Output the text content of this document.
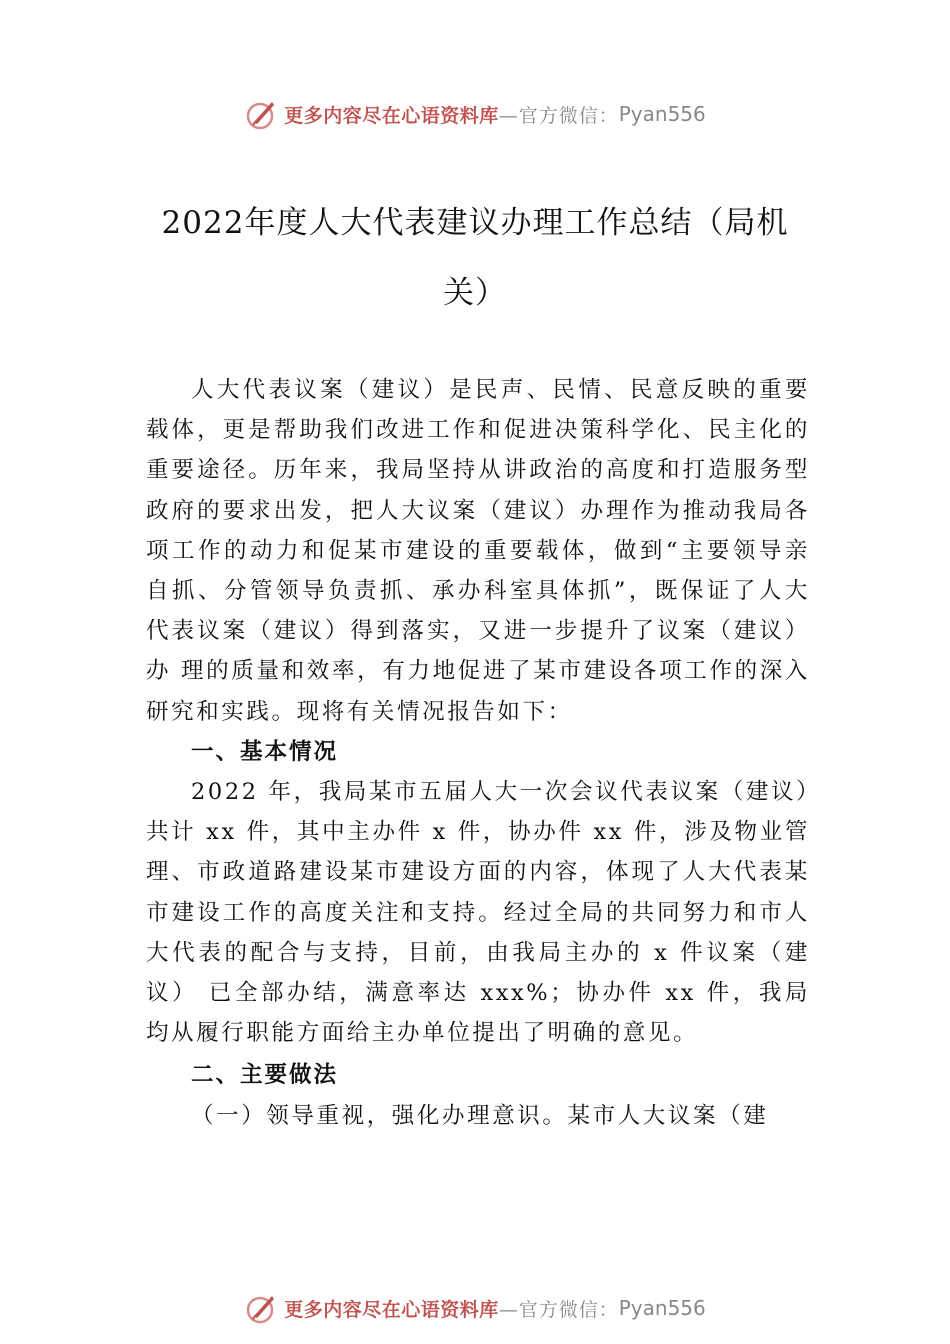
更多内容尽在心语资料库 —官方微信： Pyan556
2022年度人大代表建议办理工作总结（局机关）

人大代表议案（建议）是民声、民情、民意反映的重要载体，更是帮助我们改进工作和促进决策科学化、民主化的重要途径。历年来，我局坚持从讲政治的高度和打造服务型政府的要求出发，把人大议案（建议）办理作为推动我局各项工作的动力和促某市建设的重要载体，做到“主要领导亲自抓、分管领导负责抓、承办科室具体抓”，既保证了人大代表议案（建议）得到落实，又进一步提升了议案（建议）办 理的质量和效率，有力地促进了某市建设各项工作的深入研究和实践。现将有关情况报告如下：

一、基本情况

2022 年，我局某市五届人大一次会议代表议案（建议）共计 xx 件，其中主办件 x 件，协办件 xx 件，涉及物业管理、市政道路建设某市建设方面的内容，体现了人大代表某市建设工作的高度关注和支持。经过全局的共同努力和市人大代表的配合与支持，目前，由我局主办的 x 件议案（建议） 已全部办结，满意率达 xxx%；协办件 xx 件，我局均从履行职能方面给主办单位提出了明确的意见。

二、主要做法

（一）领导重视，强化办理意识。某市人大议案（建

更多内容尽在心语资料库 —官方微信： Pyan556
